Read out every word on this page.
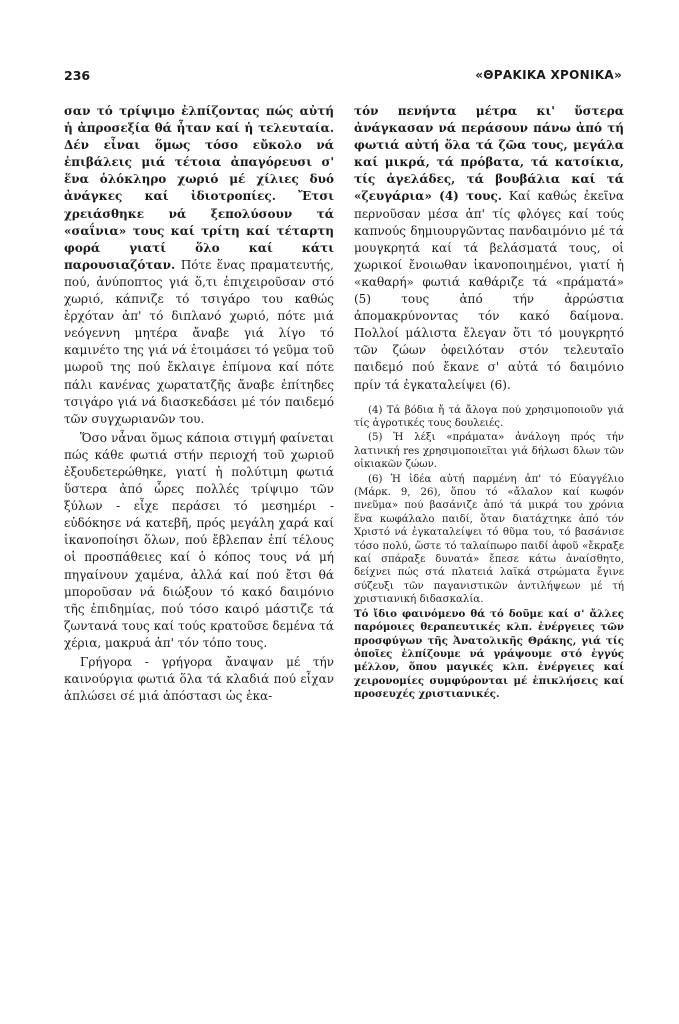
236	«ΘΡΑΚΙΚΑ ΧΡΟΝΙΚΑ»

σαν τό τρίψιμο ἐλπίζοντας πώς αὐτή ἡ ἀπροσεξία θά ἦταν καί ἡ τελευταία. Δέν εἶναι ὅμως τόσο εὔκολο νά ἐπιβάλεις μιά τέτοια ἀπαγόρευσι σ' ἕνα ὁλόκληρο χωριό μέ χίλιες δυό ἀνάγκες καί ἰδιοτροπίες. Ἔτσι χρειάσθηκε νά ξεπολύσουν τά «σαΐνια» τους καί τρίτη καί τέταρτη φορά γιατί ὅλο καί κάτι παρουσιαζόταν. Πότε ἕνας πραματευτής, πού, ἀνύποπτος γιά ὅ,τι ἐπιχειροῦσαν στό χωριό, κάπνιζε τό τσιγάρο του καθώς ἐρχόταν ἀπ' τό διπλανό χωριό, πότε μιά νεόγεννη μητέρα ἄναβε γιά λίγο τό καμινέτο της γιά νά ἑτοιμάσει τό γεῦμα τοῦ μωροῦ της πού ἔκλαιγε ἐπίμονα καί πότε πάλι κανένας χωρατατζῆς ἄναβε ἐπίτηδες τσιγάρο γιά νά διασκεδάσει μέ τόν παιδεμό τῶν συγχωριανῶν του.

Ὅσο νἆναι ὅμως κάποια στιγμή φαίνεται πώς κάθε φωτιά στήν περιοχή τοῦ χωριοῦ ἐξουδετερώθηκε, γιατί ἡ πολύτιμη φωτιά ὕστερα ἀπό ὧρες πολλές τρίψιμο τῶν ξύλων - εἶχε περάσει τό μεσημέρι - εὐδόκησε νά κατεβῆ, πρός μεγάλη χαρά καί ἱκανοποίησι ὅλων, πού ἔβλεπαν ἐπί τέλους οἱ προσπάθειες καί ὁ κόπος τους νά μή πηγαίνουν χαμένα, ἀλλά καί πού ἔτσι θά μποροῦσαν νά διώξουν τό κακό δαιμόνιο τῆς ἐπιδημίας, πού τόσο καιρό μάστιζε τά ζωντανά τους καί τούς κρατοῦσε δεμένα τά χέρια, μακρυά ἀπ' τόν τόπο τους.

Γρήγορα - γρήγορα ἄναψαν μέ τήν καινούργια φωτιά ὅλα τά κλαδιά πού εἶχαν ἁπλώσει σέ μιά ἀπόστασι ὡς ἑκα-

τόν πενήντα μέτρα κι' ὕστερα ἀνάγκασαν νά περάσουν πάνω ἀπό τή φωτιά αὐτή ὅλα τά ζῶα τους, μεγάλα καί μικρά, τά πρόβατα, τά κατσίκια, τίς ἀγελάδες, τά βουβάλια καί τά «ζευγάρια» (4) τους. Καί καθώς ἐκεῖνα περνοῦσαν μέσα ἀπ' τίς φλόγες καί τούς καπνούς δημιουργῶντας πανδαιμόνιο μέ τά μουγκρητά καί τά βελάσματά τους, οἱ χωρικοί ἔνοιωθαν ἱκανοποιημένοι, γιατί ἡ «καθαρή» φωτιά καθάριζε τά «πράματά» (5) τους ἀπό τήν ἀρρώστια ἀπομακρύνοντας τόν κακό δαίμονα. Πολλοί μάλιστα ἔλεγαν ὅτι τό μουγκρητό τῶν ζώων ὀφειλόταν στόν τελευταῖο παιδεμό πού ἔκανε σ' αὐτά τό δαιμόνιο πρίν τά ἐγκαταλείψει (6).

(4) Τά βόδια ἤ τά ἄλογα πού χρησιμοποιοῦν γιά τίς ἀγροτικές τους δουλειές.

(5) Ἡ λέξι «πράματα» ἀνάλογη πρός τήν λατινική res χρησιμοποιεῖται γιά δήλωσι δλων τῶν οἰκιακῶν ζώων.

(6) Ἡ ἰδέα αὐτή παρμένη ἀπ' τό Εὐαγγέλιο (Μάρκ. 9, 26), ὅπου τό «ἄλαλον καί κωφόν πνεῦμα» πού βασάνιζε ἀπό τά μικρά του χρόνια ἕνα κωφάλαλο παιδί, ὅταν διατάχτηκε ἀπό τόν Χριστό νά ἐγκαταλείψει τό θῦμα του, τό βασάνισε τόσο πολύ, ὥστε τό ταλαίπωρο παιδί ἀφοῦ «ἔκραξε καί σπάραξε δυνατά» ἔπεσε κάτω ἀναίσθητο, δείχνει πώς στά πλατειά λαϊκά στρώματα ἔγινε σύζευξι τῶν παγανιστικῶν ἀντιλήψεων μέ τή χριστιανική διδασκαλία.

Τό ἴδιο φαινόμενο θά τό δοῦμε καί σ' ἄλλες παρόμοιες θεραπευτικές κλπ. ἐνέργειες τῶν προσφύγων τῆς Ἀνατολικῆς Θράκης, γιά τίς ὁποῖες ἐλπίζουμε νά γράψουμε στό ἐγγύς μέλλον, ὅπου μαγικές κλπ. ἐνέργειες καί χειρονομίες συμφύρονται μέ ἐπικλήσεις καί προσευχές χριστιανικές.
